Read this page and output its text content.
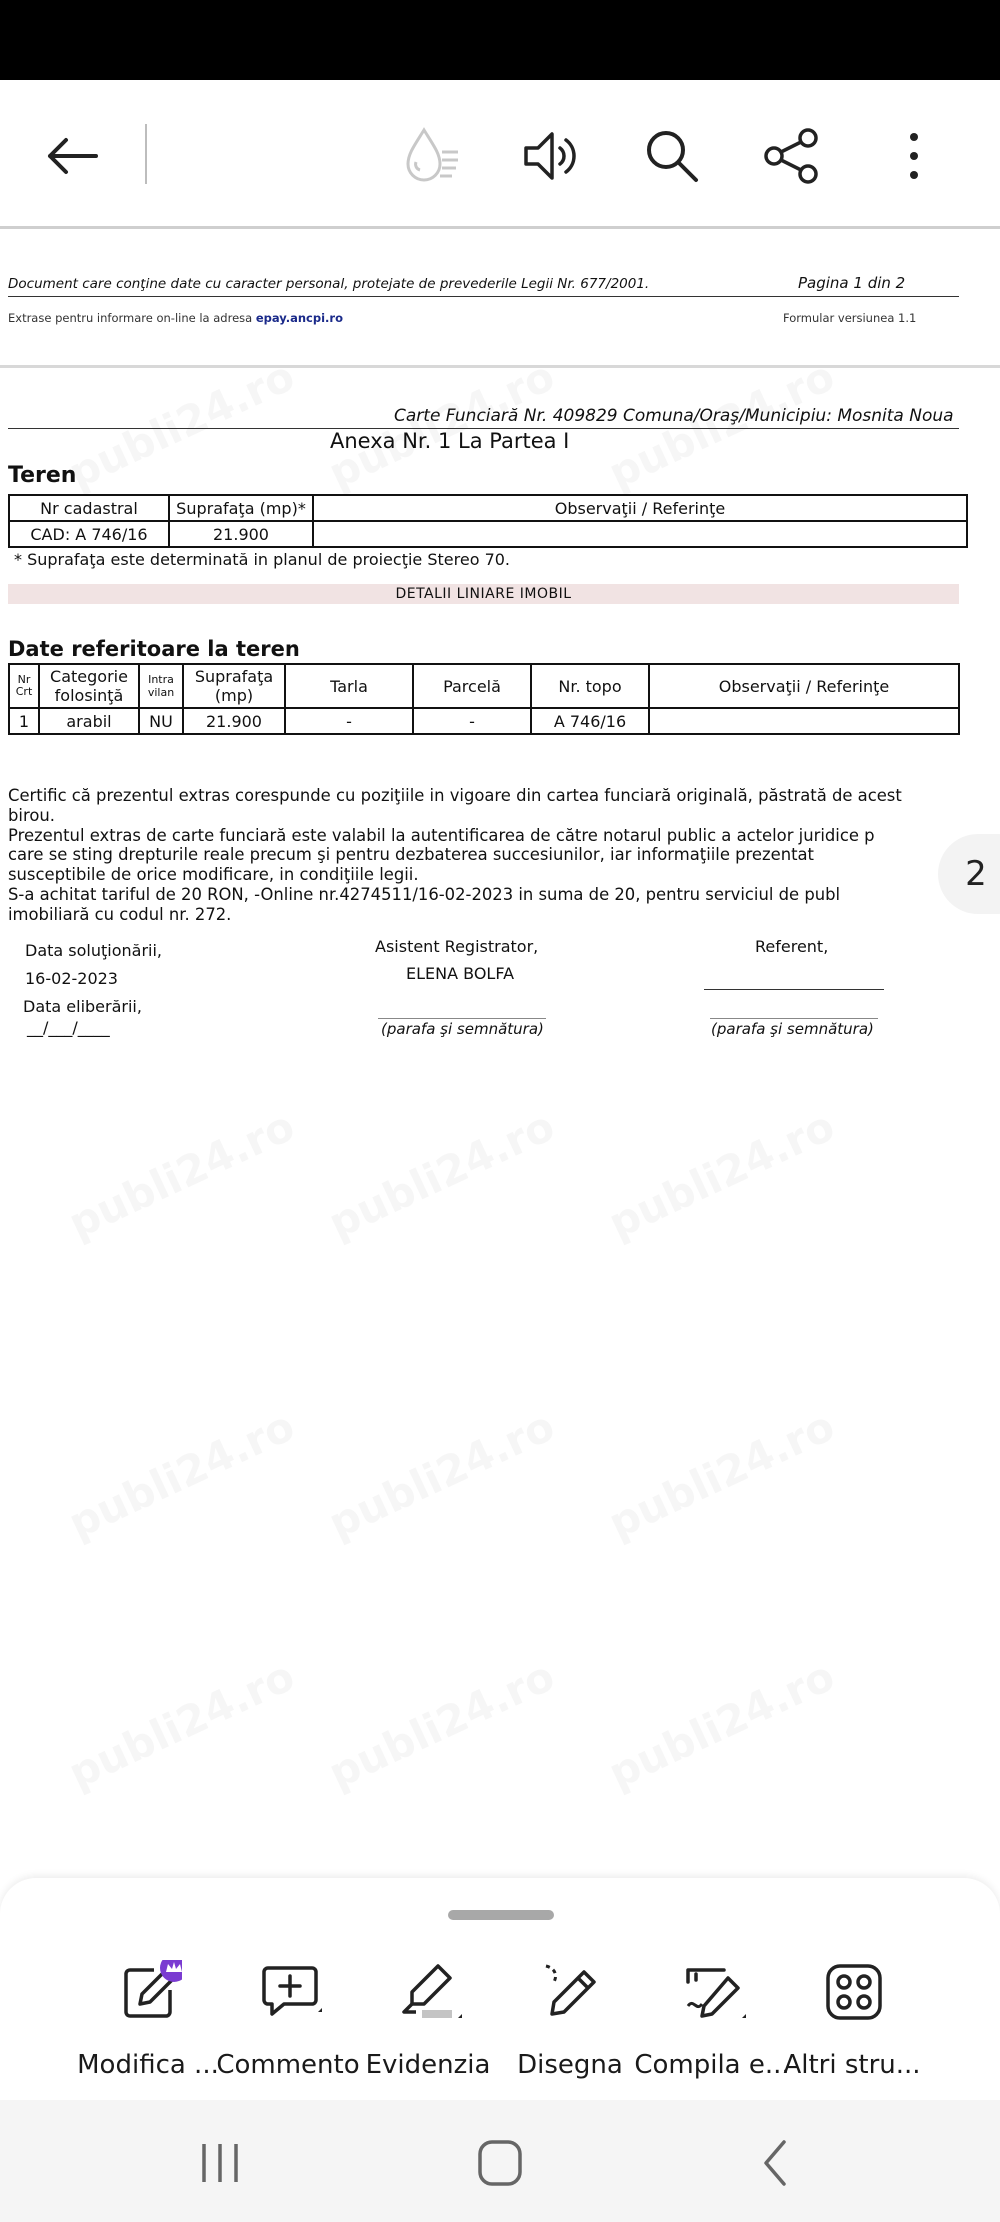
Document care conţine date cu caracter personal, protejate de prevederile Legii Nr. 677/2001.	Pagina 1 din 2
Extrase pentru informare on-line la adresa epay.ancpi.ro	Formular versiunea 1.1
Carte Funciară Nr. 409829 Comuna/Oraş/Municipiu: Mosnita Noua
Anexa Nr. 1 La Partea I
Teren
Nr cadastral	Suprafaţa (mp)*	Observaţii / Referinţe
CAD: A 746/16	21.900	
* Suprafaţa este determinată in planul de proiecţie Stereo 70.
DETALII LINIARE IMOBIL
Date referitoare la teren
Nr Crt	Categorie folosinţă	Intra vilan	Suprafaţa (mp)	Tarla	Parcelă	Nr. topo	Observaţii / Referinţe
1	arabil	NU	21.900	-	-	A 746/16	
Certific că prezentul extras corespunde cu poziţiile in vigoare din cartea funciară originală, păstrată de acest
birou.
Prezentul extras de carte funciară este valabil la autentificarea de către notarul public a actelor juridice p
care se sting drepturile reale precum şi pentru dezbaterea succesiunilor, iar informaţiile prezentat
susceptibile de orice modificare, in condiţiile legii.
S-a achitat tariful de 20 RON, -Online nr.4274511/16-02-2023 in suma de 20, pentru serviciul de publ
imobiliară cu codul nr. 272.
Data soluţionării,
16-02-2023
Data eliberării,
__/___/____
Asistent Registrator,
ELENA BOLFA
(parafa şi semnătura)
Referent,
(parafa şi semnătura)
2
Modifica ...
Commento Evidenzia	Disegna Compila e...
Altri stru...
